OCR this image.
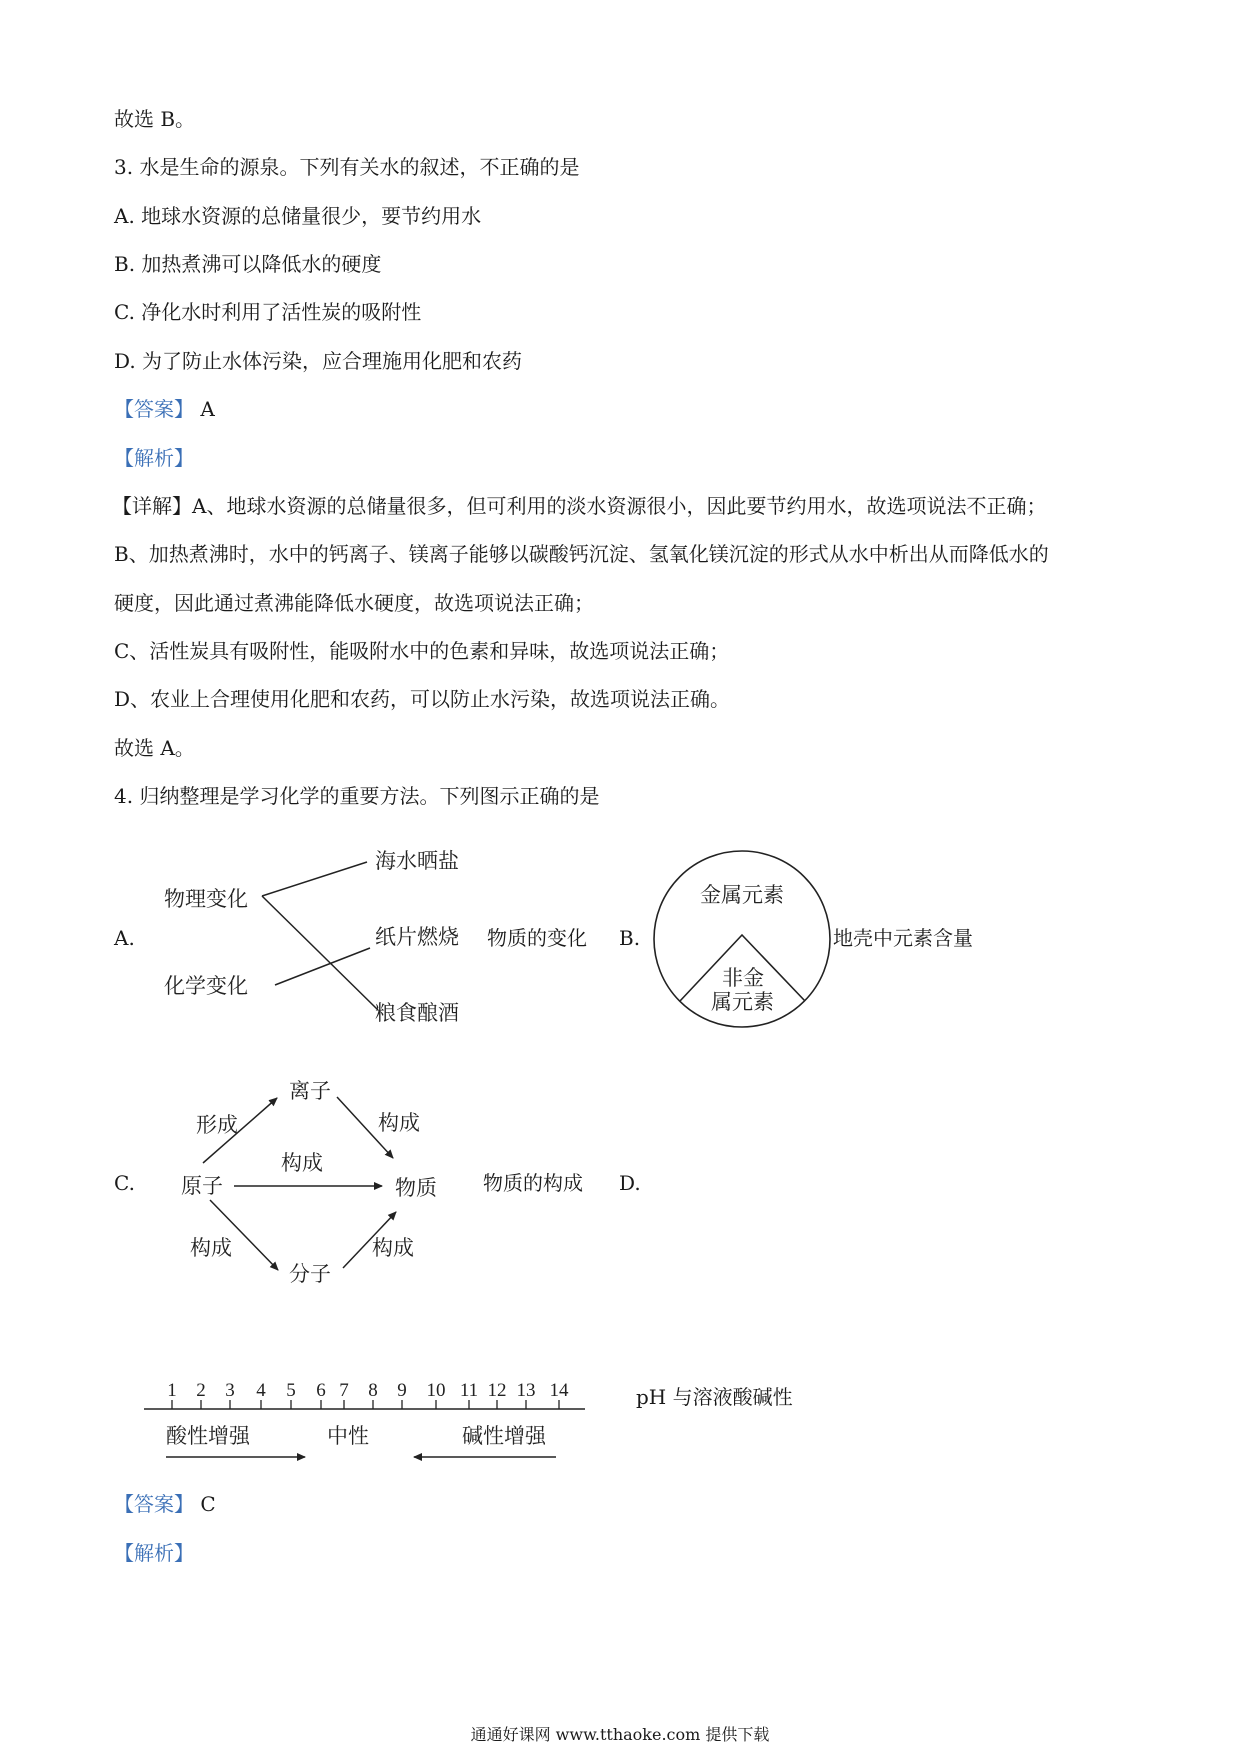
故选 B。
3. 水是生命的源泉。下列有关水的叙述，不正确的是
A. 地球水资源的总储量很少，要节约用水
B. 加热煮沸可以降低水的硬度
C. 净化水时利用了活性炭的吸附性
D. 为了防止水体污染，应合理施用化肥和农药
【答案】 A
【解析】
【详解】A、地球水资源的总储量很多，但可利用的淡水资源很小，因此要节约用水，故选项说法不正确；
B、加热煮沸时，水中的钙离子、镁离子能够以碳酸钙沉淀、氢氧化镁沉淀的形式从水中析出从而降低水的
硬度，因此通过煮沸能降低水硬度，故选项说法正确；
C、活性炭具有吸附性，能吸附水中的色素和异味，故选项说法正确；
D、农业上合理使用化肥和农药，可以防止水污染，故选项说法正确。
故选 A。
4. 归纳整理是学习化学的重要方法。下列图示正确的是
A.
物理变化
化学变化
海水晒盐
纸片燃烧
粮食酿酒
物质的变化 B.
金属元素
非金
属元素
地壳中元素含量
C.
离子
原子	物质
分子
形成	构成
构成
构成	构成
物质的构成 D.
1 2 3 4 5 6 7 8 9 10 11 12 13 14
酸性增强	中性	碱性增强
pH 与溶液酸碱性
【答案】 C
【解析】
通通好课网 www.tthaoke.com 提供下载
